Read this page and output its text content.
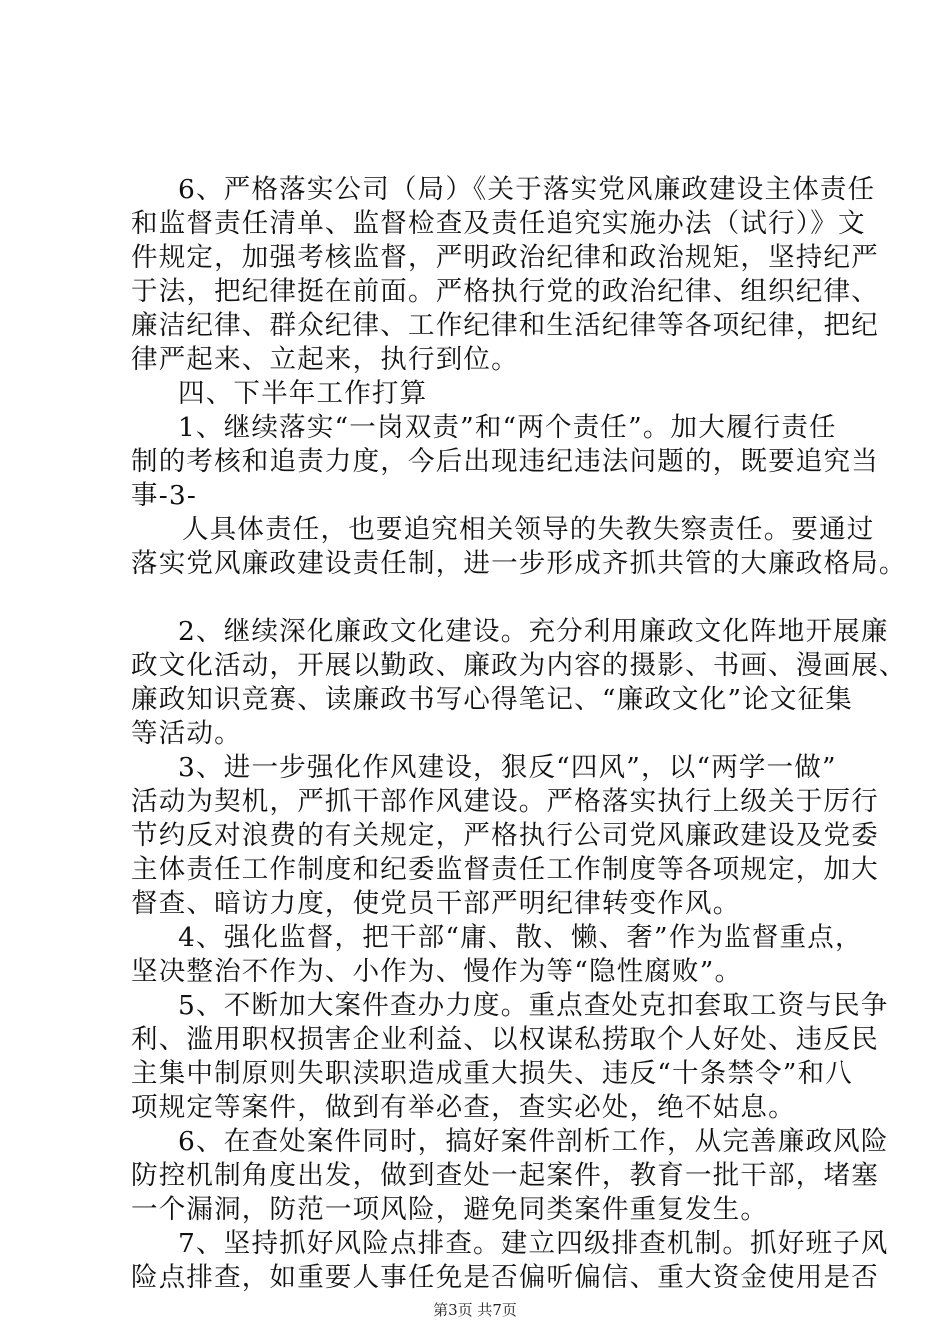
6、严格落实公司（局）《关于落实党风廉政建设主体责任
和监督责任清单、监督检查及责任追究实施办法（试行）》文
件规定，加强考核监督，严明政治纪律和政治规矩，坚持纪严
于法，把纪律挺在前面。严格执行党的政治纪律、组织纪律、
廉洁纪律、群众纪律、工作纪律和生活纪律等各项纪律，把纪
律严起来、立起来，执行到位。
四、下半年工作打算
1、继续落实“一岗双责”和“两个责任”。加大履行责任
制的考核和追责力度，今后出现违纪违法问题的，既要追究当
事-3-
人具体责任，也要追究相关领导的失教失察责任。要通过
落实党风廉政建设责任制，进一步形成齐抓共管的大廉政格局。
2、继续深化廉政文化建设。充分利用廉政文化阵地开展廉
政文化活动，开展以勤政、廉政为内容的摄影、书画、漫画展、
廉政知识竞赛、读廉政书写心得笔记、“廉政文化”论文征集
等活动。
3、进一步强化作风建设，狠反“四风”，以“两学一做”
活动为契机，严抓干部作风建设。严格落实执行上级关于厉行
节约反对浪费的有关规定，严格执行公司党风廉政建设及党委
主体责任工作制度和纪委监督责任工作制度等各项规定，加大
督查、暗访力度，使党员干部严明纪律转变作风。
4、强化监督，把干部“庸、散、懒、奢”作为监督重点，
坚决整治不作为、小作为、慢作为等“隐性腐败”。
5、不断加大案件查办力度。重点查处克扣套取工资与民争
利、滥用职权损害企业利益、以权谋私捞取个人好处、违反民
主集中制原则失职渎职造成重大损失、违反“十条禁令”和八
项规定等案件，做到有举必查，查实必处，绝不姑息。
6、在查处案件同时，搞好案件剖析工作，从完善廉政风险
防控机制角度出发，做到查处一起案件，教育一批干部，堵塞
一个漏洞，防范一项风险，避免同类案件重复发生。
7、坚持抓好风险点排查。建立四级排查机制。抓好班子风
险点排查，如重要人事任免是否偏听偏信、重大资金使用是否
第3页 共7页
